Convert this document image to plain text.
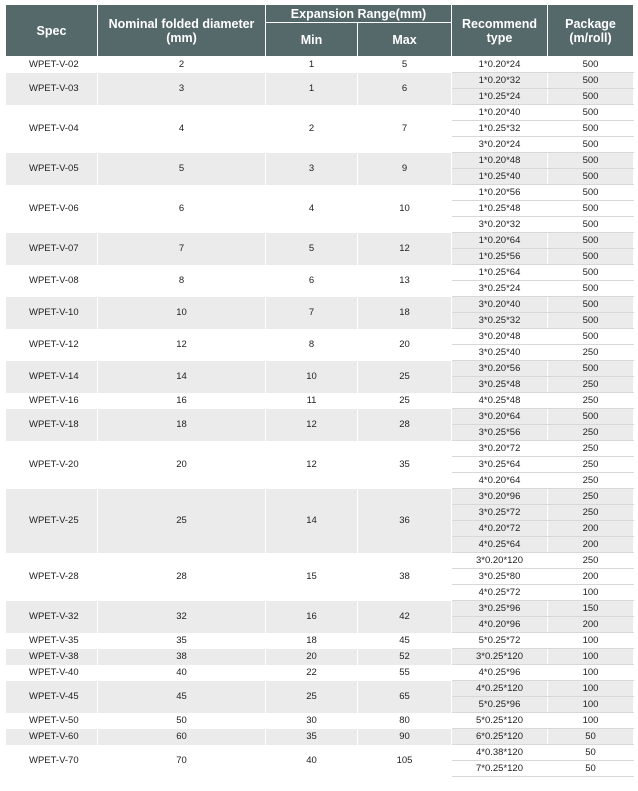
Spec	Nominal folded diameter (mm)	Expansion Range(mm)		Recommend type	Package (m/roll)
		Min	Max		
WPET-V-02	2	1	5	1*0.20*24	500
WPET-V-03	3	1	6	1*0.20*32	500
				1*0.25*24	500
WPET-V-04	4	2	7	1*0.20*40	500
				1*0.25*32	500
				3*0.20*24	500
WPET-V-05	5	3	9	1*0.20*48	500
				1*0.25*40	500
WPET-V-06	6	4	10	1*0.20*56	500
				1*0.25*48	500
				3*0.20*32	500
WPET-V-07	7	5	12	1*0.20*64	500
				1*0.25*56	500
WPET-V-08	8	6	13	1*0.25*64	500
				3*0.25*24	500
WPET-V-10	10	7	18	3*0.20*40	500
				3*0.25*32	500
WPET-V-12	12	8	20	3*0.20*48	500
				3*0.25*40	250
WPET-V-14	14	10	25	3*0.20*56	500
				3*0.25*48	250
WPET-V-16	16	11	25	4*0.25*48	250
WPET-V-18	18	12	28	3*0.20*64	500
				3*0.25*56	250
WPET-V-20	20	12	35	3*0.20*72	250
				3*0.25*64	250
				4*0.20*64	250
WPET-V-25	25	14	36	3*0.20*96	250
				3*0.25*72	250
				4*0.20*72	200
				4*0.25*64	200
WPET-V-28	28	15	38	3*0.20*120	250
				3*0.25*80	200
				4*0.25*72	100
WPET-V-32	32	16	42	3*0.25*96	150
				4*0.20*96	200
WPET-V-35	35	18	45	5*0.25*72	100
WPET-V-38	38	20	52	3*0.25*120	100
WPET-V-40	40	22	55	4*0.25*96	100
WPET-V-45	45	25	65	4*0.25*120	100
				5*0.25*96	100
WPET-V-50	50	30	80	5*0.25*120	100
WPET-V-60	60	35	90	6*0.25*120	50
WPET-V-70	70	40	105	4*0.38*120	50
				7*0.25*120	50
